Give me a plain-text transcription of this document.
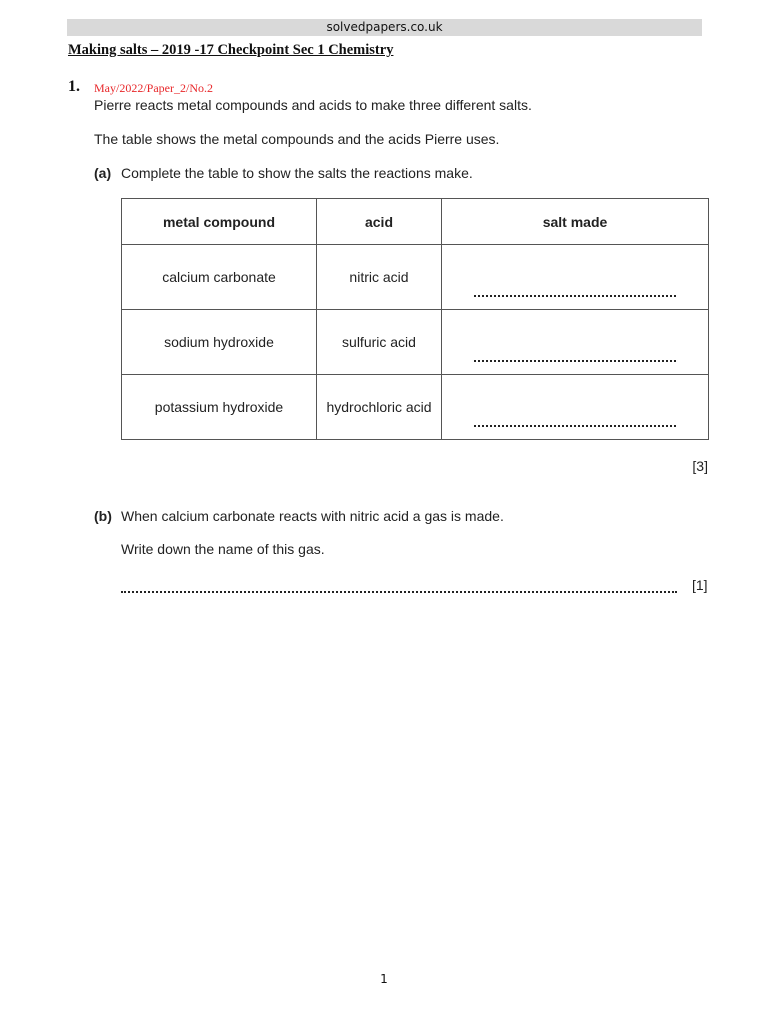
solvedpapers.co.uk
Making salts – 2019 -17 Checkpoint Sec 1 Chemistry
1. May/2022/Paper_2/No.2
Pierre reacts metal compounds and acids to make three different salts.
The table shows the metal compounds and the acids Pierre uses.
(a) Complete the table to show the salts the reactions make.
metal compound	acid	salt made
calcium carbonate	nitric acid	

sodium hydroxide	sulfuric acid	

potassium hydroxide	hydrochloric acid	
[3]
(b) When calcium carbonate reacts with nitric acid a gas is made.
Write down the name of this gas.
[1]
1
